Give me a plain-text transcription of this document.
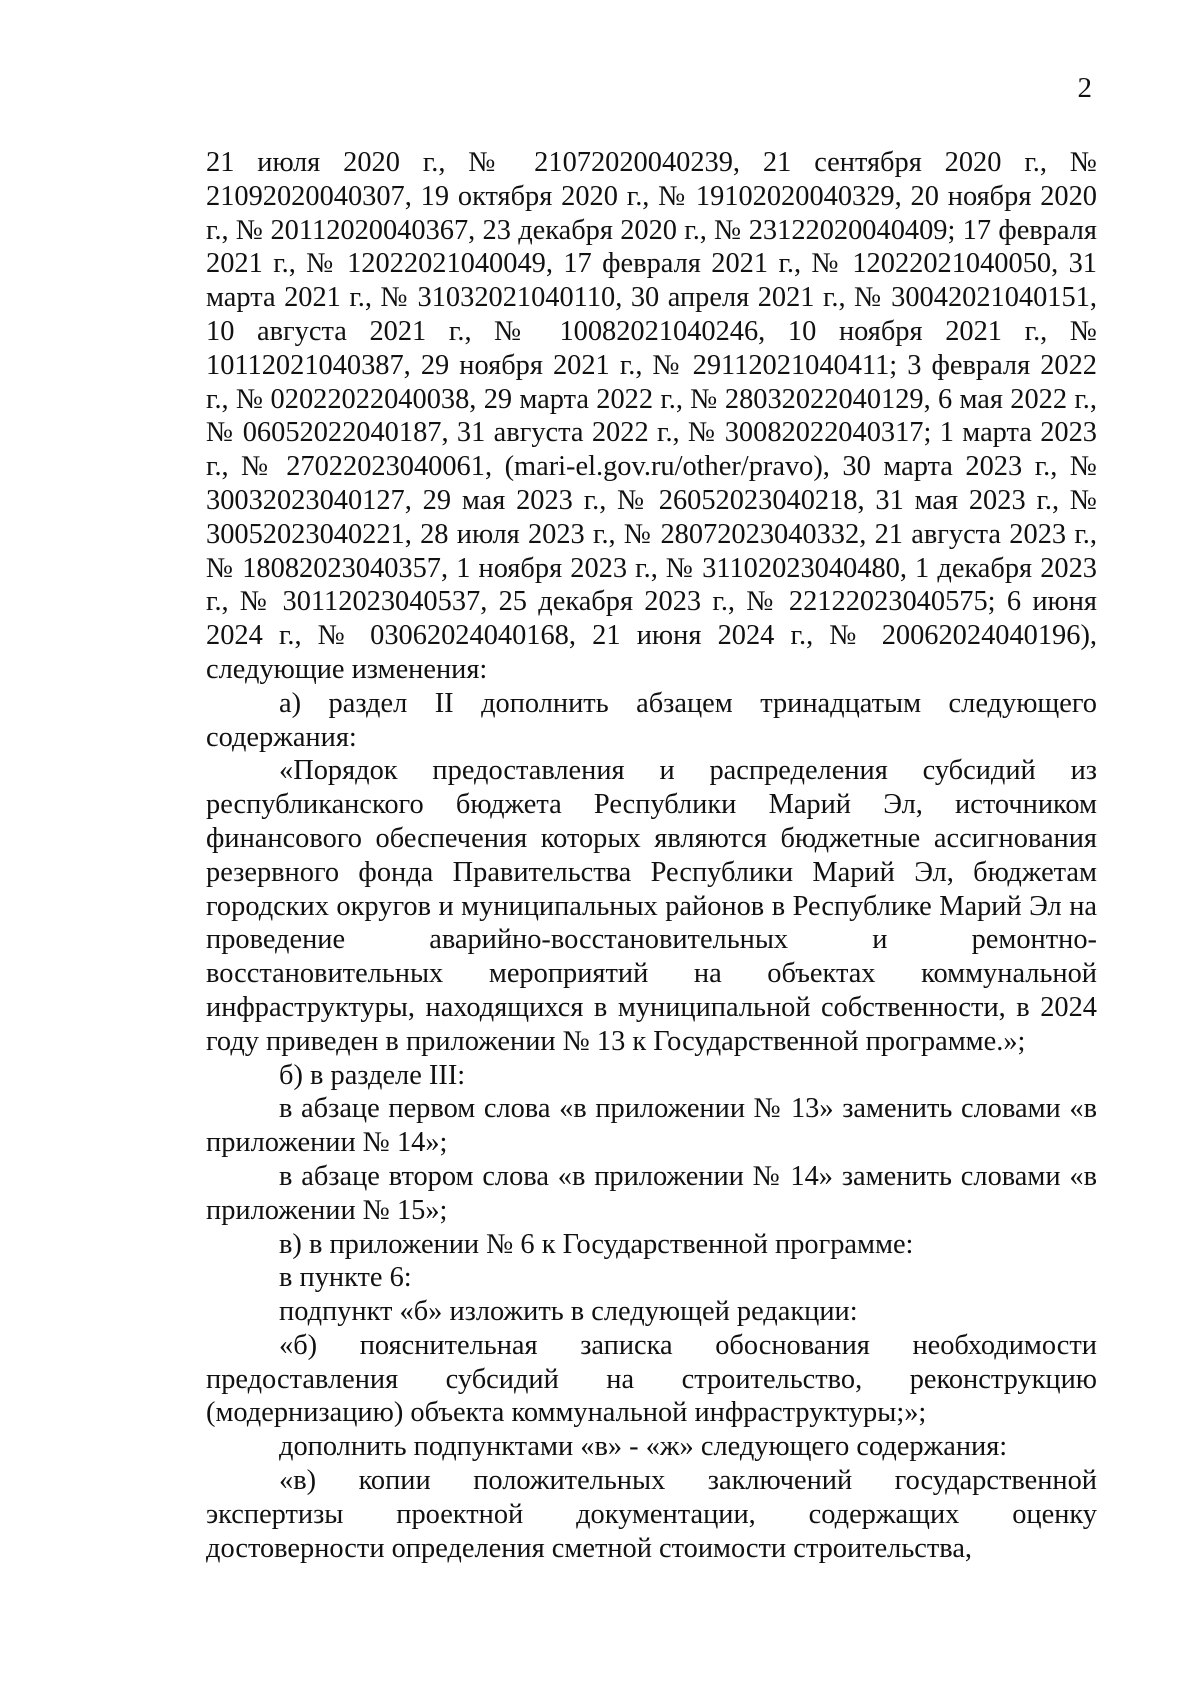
2

21 июля 2020 г., № 21072020040239, 21 сентября 2020 г., № 21092020040307, 19 октября 2020 г., № 19102020040329, 20 ноября 2020 г., № 20112020040367, 23 декабря 2020 г., № 23122020040409; 17 февраля 2021 г., № 12022021040049, 17 февраля 2021 г., № 12022021040050, 31 марта 2021 г., № 31032021040110, 30 апреля 2021 г., № 30042021040151, 10 августа 2021 г., № 10082021040246, 10 ноября 2021 г., № 10112021040387, 29 ноября 2021 г., № 29112021040411; 3 февраля 2022 г., № 02022022040038, 29 марта 2022 г., № 28032022040129, 6 мая 2022 г., № 06052022040187, 31 августа 2022 г., № 30082022040317; 1 марта 2023 г., № 27022023040061, (mari-el.gov.ru/other/pravo), 30 марта 2023 г., № 30032023040127, 29 мая 2023 г., № 26052023040218, 31 мая 2023 г., № 30052023040221, 28 июля 2023 г., № 28072023040332, 21 августа 2023 г., № 18082023040357, 1 ноября 2023 г., № 31102023040480, 1 декабря 2023 г., № 30112023040537, 25 декабря 2023 г., № 22122023040575; 6 июня 2024 г., № 03062024040168, 21 июня 2024 г., № 20062024040196), следующие изменения:

а) раздел II дополнить абзацем тринадцатым следующего содержания:

«Порядок предоставления и распределения субсидий из республиканского бюджета Республики Марий Эл, источником финансового обеспечения которых являются бюджетные ассигнования резервного фонда Правительства Республики Марий Эл, бюджетам городских округов и муниципальных районов в Республике Марий Эл на проведение аварийно-восстановительных и ремонтно-восстановительных мероприятий на объектах коммунальной инфраструктуры, находящихся в муниципальной собственности, в 2024 году приведен в приложении № 13 к Государственной программе.»;

б) в разделе III:

в абзаце первом слова «в приложении № 13» заменить словами «в приложении № 14»;

в абзаце втором слова «в приложении № 14» заменить словами «в приложении № 15»;

в) в приложении № 6 к Государственной программе:

в пункте 6:

подпункт «б» изложить в следующей редакции:

«б) пояснительная записка обоснования необходимости предоставления субсидий на строительство, реконструкцию (модернизацию) объекта коммунальной инфраструктуры;»;

дополнить подпунктами «в» - «ж» следующего содержания:

«в) копии положительных заключений государственной экспертизы проектной документации, содержащих оценку достоверности определения сметной стоимости строительства,
